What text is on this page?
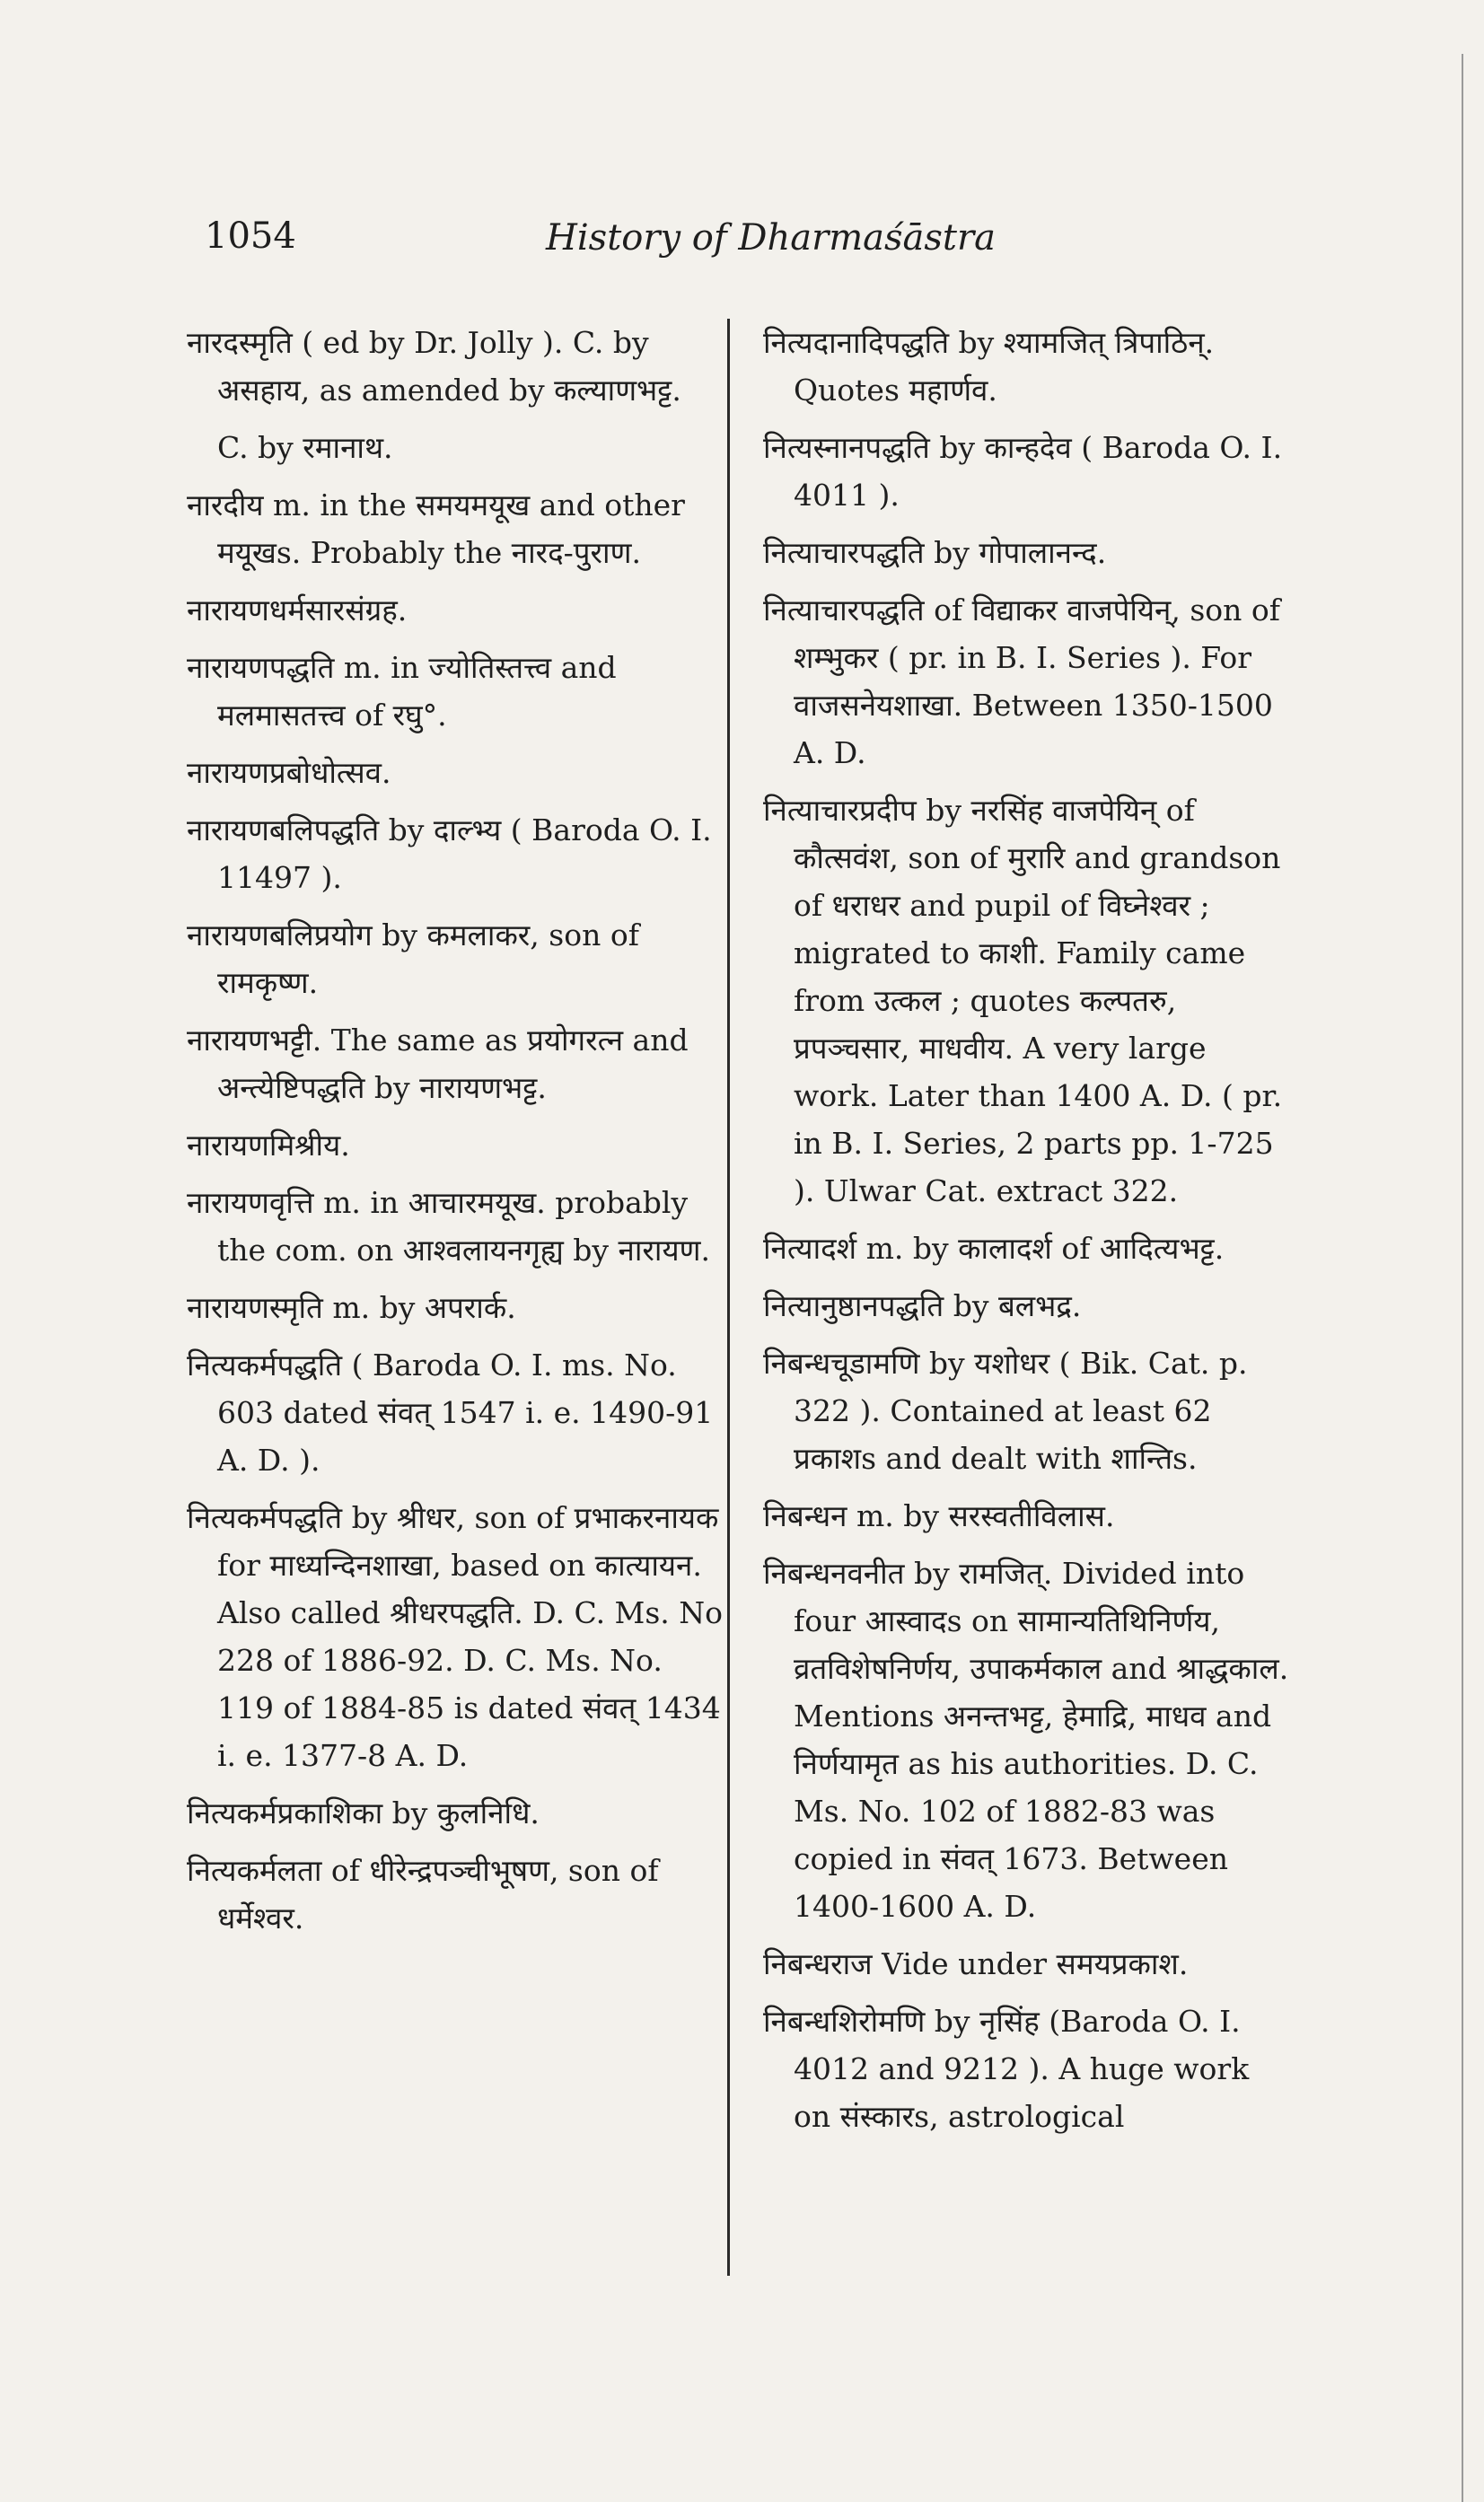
1054	History of Dharmaśāstra

नारदस्मृति ( ed by Dr. Jolly ). C. by असहाय, as amended by कल्याणभट्ट.

C. by रमानाथ.

नारदीय m. in the समयमयूख and other मयूखs. Probably the नारद-पुराण.

नारायणधर्मसारसंग्रह.

नारायणपद्धति m. in ज्योतिस्तत्त्व and मलमासतत्त्व of रघु°.

नारायणप्रबोधोत्सव.

नारायणबलिपद्धति by दाल्भ्य ( Baroda O. I. 11497 ).

नारायणबलिप्रयोग by कमलाकर, son of रामकृष्ण.

नारायणभट्टी. The same as प्रयोगरत्न and अन्त्येष्टिपद्धति by नारायणभट्ट.

नारायणमिश्रीय.

नारायणवृत्ति m. in आचारमयूख. probably the com. on आश्वलायनगृह्य by नारायण.

नारायणस्मृति m. by अपरार्क.

नित्यकर्मपद्धति ( Baroda O. I. ms. No. 603 dated संवत् 1547 i. e. 1490-91 A. D. ).

नित्यकर्मपद्धति by श्रीधर, son of प्रभाकरनायक for माध्यन्दिनशाखा, based on कात्यायन. Also called श्रीधरपद्धति. D. C. Ms. No 228 of 1886-92. D. C. Ms. No. 119 of 1884-85 is dated संवत् 1434 i. e. 1377-8 A. D.

नित्यकर्मप्रकाशिका by कुलनिधि.

नित्यकर्मलता of धीरेन्द्रपञ्चीभूषण, son of धर्मेश्वर.

नित्यदानादिपद्धति by श्यामजित् त्रिपाठिन्. Quotes महार्णव.

नित्यस्नानपद्धति by कान्हदेव ( Baroda O. I. 4011 ).

नित्याचारपद्धति by गोपालानन्द.

नित्याचारपद्धति of विद्याकर वाजपेयिन्, son of शम्भुकर ( pr. in B. I. Series ). For वाजसनेयशाखा. Between 1350-1500 A. D.

नित्याचारप्रदीप by नरसिंह वाजपेयिन् of कौत्सवंश, son of मुरारि and grandson of धराधर and pupil of विघ्नेश्वर ; migrated to काशी. Family came from उत्कल ; quotes कल्पतरु, प्रपञ्चसार, माधवीय. A very large work. Later than 1400 A. D. ( pr. in B. I. Series, 2 parts pp. 1-725 ). Ulwar Cat. extract 322.

नित्यादर्श m. by कालादर्श of आदित्यभट्ट.

नित्यानुष्ठानपद्धति by बलभद्र.

निबन्धचूडामणि by यशोधर ( Bik. Cat. p. 322 ). Contained at least 62 प्रकाशs and dealt with शान्तिs.

निबन्धन m. by सरस्वतीविलास.

निबन्धनवनीत by रामजित्. Divided into four आस्वादs on सामान्यतिथिनिर्णय, व्रतविशेषनिर्णय, उपाकर्मकाल and श्राद्धकाल. Mentions अनन्तभट्ट, हेमाद्रि, माधव and निर्णयामृत as his authorities. D. C. Ms. No. 102 of 1882-83 was copied in संवत् 1673. Between 1400-1600 A. D.

निबन्धराज Vide under समयप्रकाश.

निबन्धशिरोमणि by नृसिंह (Baroda O. I. 4012 and 9212 ). A huge work on संस्कारs, astrological
